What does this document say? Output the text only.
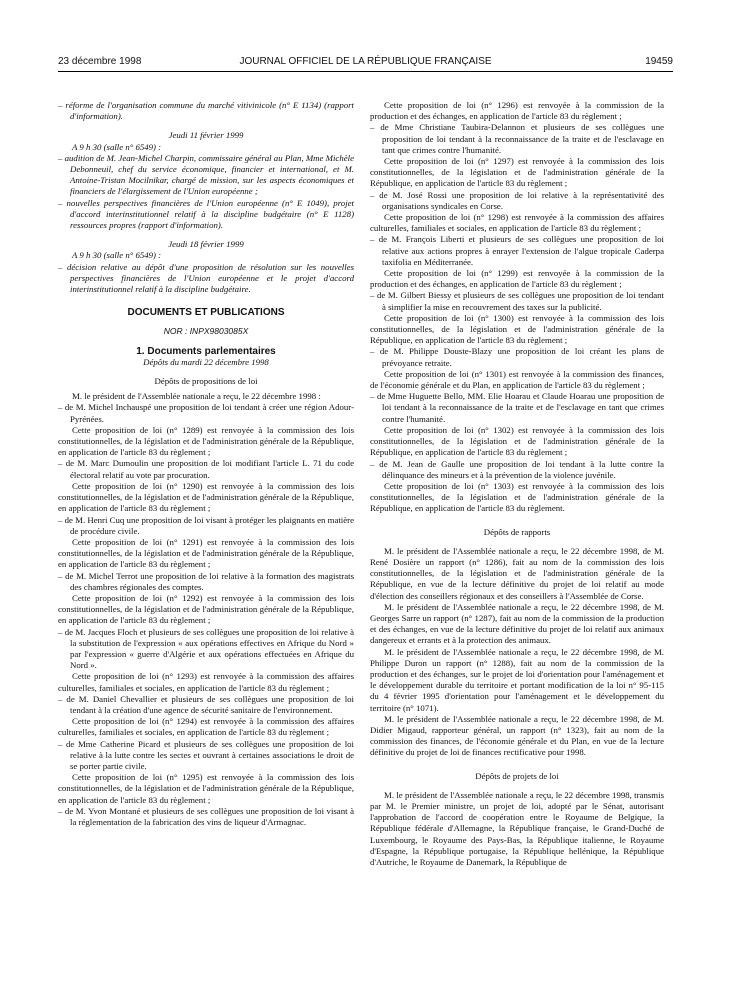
23 décembre 1998	JOURNAL OFFICIEL DE LA RÉPUBLIQUE FRANÇAISE	19459

– réforme de l'organisation commune du marché vitivinicole (n° E 1134) (rapport d'information).

Jeudi 11 février 1999

A 9 h 30 (salle n° 6549) :

– audition de M. Jean-Michel Charpin, commissaire général au Plan, Mme Michèle Debonneuil, chef du service économique, financier et international, et M. Antoine-Tristan Mocilnikar, chargé de mission, sur les aspects économiques et financiers de l'élargissement de l'Union européenne ;

– nouvelles perspectives financières de l'Union européenne (n° E 1049), projet d'accord interinstitutionnel relatif à la discipline budgétaire (n° E 1128) ressources propres (rapport d'information).

Jeudi 18 février 1999

A 9 h 30 (salle n° 6549) :

– décision relative au dépôt d'une proposition de résolution sur les nouvelles perspectives financières de l'Union européenne et le projet d'accord interinstitutionnel relatif à la discipline budgétaire.

DOCUMENTS ET PUBLICATIONS

NOR : INPX9803085X

1. Documents parlementaires

Dépôts du mardi 22 décembre 1998

Dépôts de propositions de loi

M. le président de l'Assemblée nationale a reçu, le 22 décembre 1998 :

– de M. Michel Inchauspé une proposition de loi tendant à créer une région Adour-Pyrénées.

Cette proposition de loi (n° 1289) est renvoyée à la commission des lois constitutionnelles, de la législation et de l'administration générale de la République, en application de l'article 83 du règlement ;

– de M. Marc Dumoulin une proposition de loi modifiant l'article L. 71 du code électoral relatif au vote par procuration.

Cette proposition de loi (n° 1290) est renvoyée à la commission des lois constitutionnelles, de la législation et de l'administration générale de la République, en application de l'article 83 du règlement ;

– de M. Henri Cuq une proposition de loi visant à protéger les plaignants en matière de procédure civile.

Cette proposition de loi (n° 1291) est renvoyée à la commission des lois constitutionnelles, de la législation et de l'administration générale de la République, en application de l'article 83 du règlement ;

– de M. Michel Terrot une proposition de loi relative à la formation des magistrats des chambres régionales des comptes.

Cette proposition de loi (n° 1292) est renvoyée à la commission des lois constitutionnelles, de la législation et de l'administration générale de la République, en application de l'article 83 du règlement ;

– de M. Jacques Floch et plusieurs de ses collègues une proposition de loi relative à la substitution de l'expression « aux opérations effectives en Afrique du Nord » par l'expression « guerre d'Algérie et aux opérations effectuées en Afrique du Nord ».

Cette proposition de loi (n° 1293) est renvoyée à la commission des affaires culturelles, familiales et sociales, en application de l'article 83 du règlement ;

– de M. Daniel Chevallier et plusieurs de ses collègues une proposition de loi tendant à la création d'une agence de sécurité sanitaire de l'environnement.

Cette proposition de loi (n° 1294) est renvoyée à la commission des affaires culturelles, familiales et sociales, en application de l'article 83 du règlement ;

– de Mme Catherine Picard et plusieurs de ses collègues une proposition de loi relative à la lutte contre les sectes et ouvrant à certaines associations le droit de se porter partie civile.

Cette proposition de loi (n° 1295) est renvoyée à la commission des lois constitutionnelles, de la législation et de l'administration générale de la République, en application de l'article 83 du règlement ;

– de M. Yvon Montané et plusieurs de ses collègues une proposition de loi visant à la réglementation de la fabrication des vins de liqueur d'Armagnac.

Cette proposition de loi (n° 1296) est renvoyée à la commission de la production et des échanges, en application de l'article 83 du règlement ;

– de Mme Christiane Taubira-Delannon et plusieurs de ses collègues une proposition de loi tendant à la reconnaissance de la traite et de l'esclavage en tant que crimes contre l'humanité.

Cette proposition de loi (n° 1297) est renvoyée à la commission des lois constitutionnelles, de la législation et de l'administration générale de la République, en application de l'article 83 du règlement ;

– de M. José Rossi une proposition de loi relative à la représentativité des organisations syndicales en Corse.

Cette proposition de loi (n° 1298) est renvoyée à la commission des affaires culturelles, familiales et sociales, en application de l'article 83 du règlement ;

– de M. François Liberti et plusieurs de ses collègues une proposition de loi relative aux actions propres à enrayer l'extension de l'algue tropicale Caderpa taxifolia en Méditerranée.

Cette proposition de loi (n° 1299) est renvoyée à la commission de la production et des échanges, en application de l'article 83 du règlement ;

– de M. Gilbert Biessy et plusieurs de ses collègues une proposition de loi tendant à simplifier la mise en recouvrement des taxes sur la publicité.

Cette proposition de loi (n° 1300) est renvoyée à la commission des lois constitutionnelles, de la législation et de l'administration générale de la République, en application de l'article 83 du règlement ;

– de M. Philippe Douste-Blazy une proposition de loi créant les plans de prévoyance retraite.

Cette proposition de loi (n° 1301) est renvoyée à la commission des finances, de l'économie générale et du Plan, en application de l'article 83 du règlement ;

– de Mme Huguette Bello, MM. Elie Hoarau et Claude Hoarau une proposition de loi tendant à la reconnaissance de la traite et de l'esclavage en tant que crimes contre l'humanité.

Cette proposition de loi (n° 1302) est renvoyée à la commission des lois constitutionnelles, de la législation et de l'administration générale de la République, en application de l'article 83 du règlement ;

– de M. Jean de Gaulle une proposition de loi tendant à la lutte contre la délinquance des mineurs et à la prévention de la violence juvénile.

Cette proposition de loi (n° 1303) est renvoyée à la commission des lois constitutionnelles, de la législation et de l'administration générale de la République, en application de l'article 83 du règlement.

Dépôts de rapports

M. le président de l'Assemblée nationale a reçu, le 22 décembre 1998, de M. René Dosière un rapport (n° 1286), fait au nom de la commission des lois constitutionnelles, de la législation et de l'administration générale de la République, en vue de la lecture définitive du projet de loi relatif au mode d'élection des conseillers régionaux et des conseillers à l'Assemblée de Corse.

M. le président de l'Assemblée nationale a reçu, le 22 décembre 1998, de M. Georges Sarre un rapport (n° 1287), fait au nom de la commission de la production et des échanges, en vue de la lecture définitive du projet de loi relatif aux animaux dangereux et errants et à la protection des animaux.

M. le président de l'Assemblée nationale a reçu, le 22 décembre 1998, de M. Philippe Duron un rapport (n° 1288), fait au nom de la commission de la production et des échanges, sur le projet de loi d'orientation pour l'aménagement et le développement durable du territoire et portant modification de la loi n° 95-115 du 4 février 1995 d'orientation pour l'aménagement et le développement du territoire (n° 1071).

M. le président de l'Assemblée nationale a reçu, le 22 décembre 1998, de M. Didier Migaud, rapporteur général, un rapport (n° 1323), fait au nom de la commission des finances, de l'économie générale et du Plan, en vue de la lecture définitive du projet de loi de finances rectificative pour 1998.

Dépôts de projets de loi

M. le président de l'Assemblée nationale a reçu, le 22 décembre 1998, transmis par M. le Premier ministre, un projet de loi, adopté par le Sénat, autorisant l'approbation de l'accord de coopération entre le Royaume de Belgique, la République fédérale d'Allemagne, la République française, le Grand-Duché de Luxembourg, le Royaume des Pays-Bas, la République italienne, le Royaume d'Espagne, la République portugaise, la République hellénique, la République d'Autriche, le Royaume de Danemark, la République de
